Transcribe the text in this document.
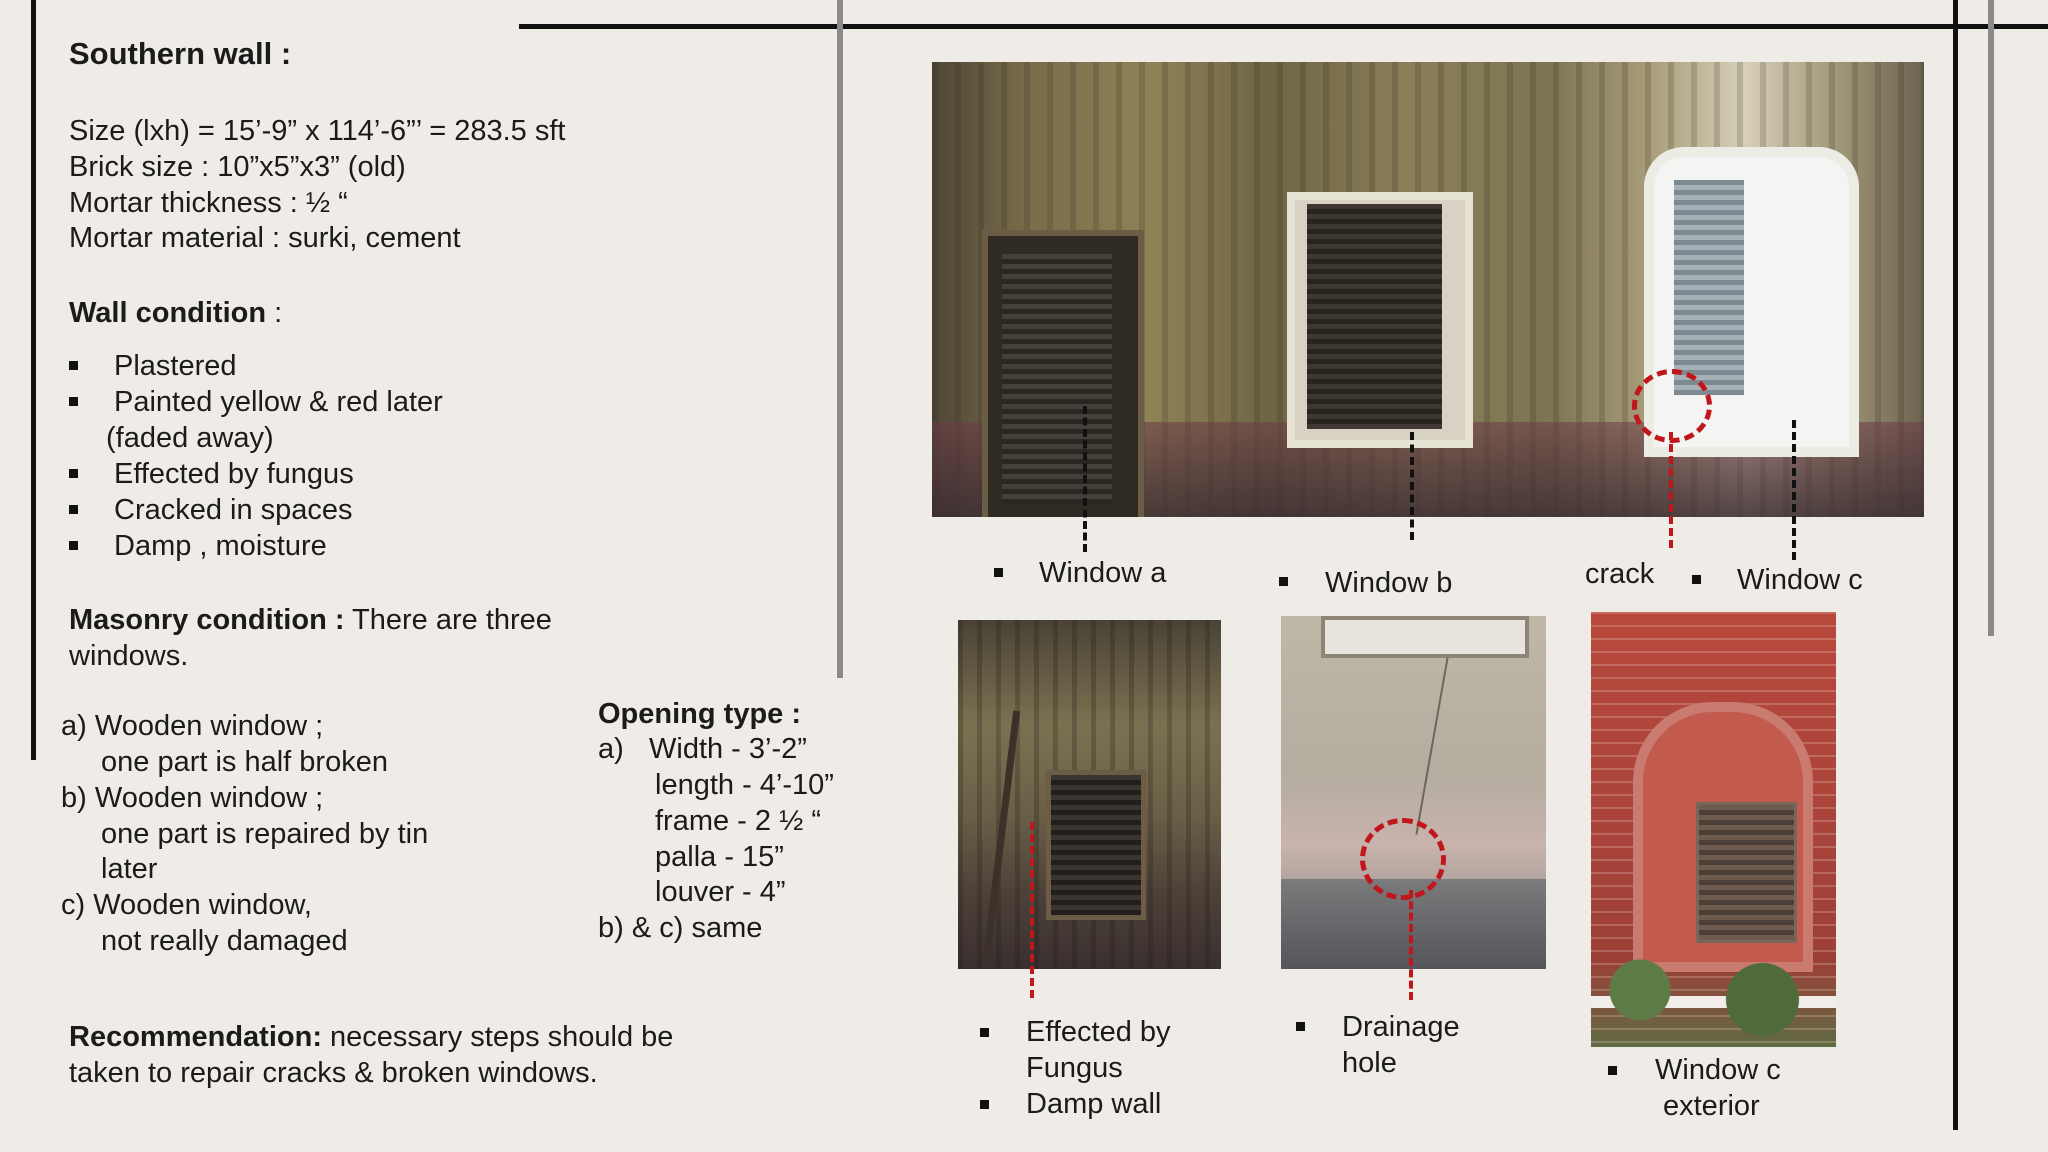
Southern wall :
Size (lxh) = 15’-9” x 114’-6”’ = 283.5 sft
Brick size : 10”x5”x3” (old)
Mortar thickness : ½ “
Mortar material : surki, cement
Wall condition :
Plastered
Painted yellow & red later
(faded away)
Effected by fungus
Cracked in spaces
Damp , moisture
Masonry condition : There are three
windows.
a) Wooden window ;
one part is half broken
b) Wooden window ;
one part is repaired by tin
later
c) Wooden window,
not really damaged
Opening type :
a) Width - 3’-2”
length - 4’-10”
frame - 2 ½ “
palla - 15”
louver - 4”
b) & c) same
Recommendation: necessary steps should be
taken to repair cracks & broken windows.
Window a	Window b	crack	Window c
Effected by
Fungus
Damp wall
Drainage
hole	Window c
exterior
